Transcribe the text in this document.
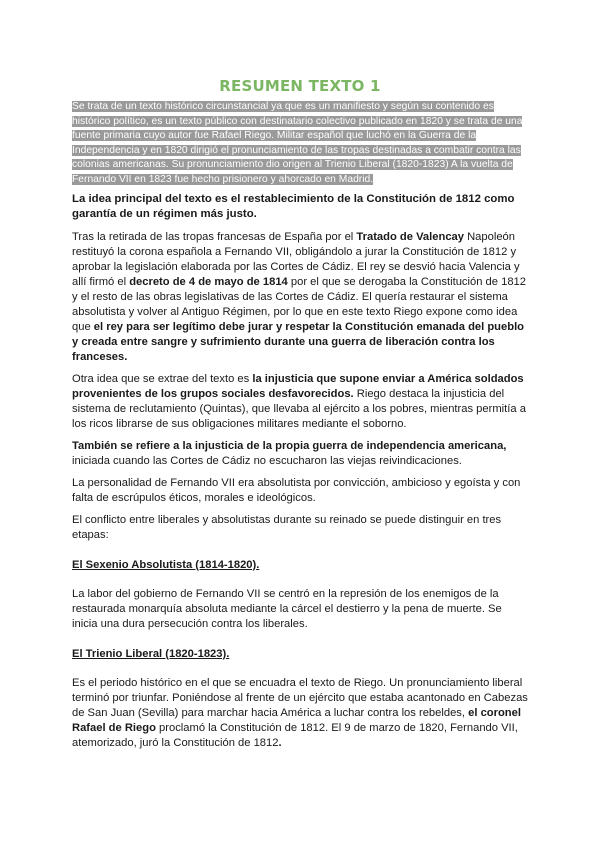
RESUMEN TEXTO 1

Se trata de un texto histórico circunstancial ya que es un manifiesto y según su contenido es histórico político, es un texto público con destinatario colectivo publicado en 1820 y se trata de una fuente primaria cuyo autor fue Rafael Riego. Militar español que luchó en la Guerra de la Independencia y en 1820 dirigió el pronunciamiento de las tropas destinadas a combatir contra las colonias americanas. Su pronunciamiento dio origen al Trienio Liberal (1820-1823) A la vuelta de Fernando VII en 1823 fue hecho prisionero y ahorcado en Madrid.

La idea principal del texto es el restablecimiento de la Constitución de 1812 como garantía de un régimen más justo.

Tras la retirada de las tropas francesas de España por el Tratado de Valencay Napoleón restituyó la corona española a Fernando VII, obligándolo a jurar la Constitución de 1812 y aprobar la legislación elaborada por las Cortes de Cádiz. El rey se desvió hacia Valencia y allí firmó el decreto de 4 de mayo de 1814 por el que se derogaba la Constitución de 1812 y el resto de las obras legislativas de las Cortes de Cádiz. El quería restaurar el sistema absolutista y volver al Antiguo Régimen, por lo que en este texto Riego expone como idea que el rey para ser legítimo debe jurar y respetar la Constitución emanada del pueblo y creada entre sangre y sufrimiento durante una guerra de liberación contra los franceses.

Otra idea que se extrae del texto es la injusticia que supone enviar a América soldados provenientes de los grupos sociales desfavorecidos. Riego destaca la injusticia del sistema de reclutamiento (Quintas), que llevaba al ejército a los pobres, mientras permitía a los ricos librarse de sus obligaciones militares mediante el soborno.

También se refiere a la injusticia de la propia guerra de independencia americana, iniciada cuando las Cortes de Cádiz no escucharon las viejas reivindicaciones.

La personalidad de Fernando VII era absolutista por convicción, ambicioso y egoísta y con falta de escrúpulos éticos, morales e ideológicos.

El conflicto entre liberales y absolutistas durante su reinado se puede distinguir en tres etapas:

El Sexenio Absolutista (1814-1820).

La labor del gobierno de Fernando VII se centró en la represión de los enemigos de la restaurada monarquía absoluta mediante la cárcel el destierro y la pena de muerte. Se inicia una dura persecución contra los liberales.

El Trienio Liberal (1820-1823).

Es el periodo histórico en el que se encuadra el texto de Riego. Un pronunciamiento liberal terminó por triunfar. Poniéndose al frente de un ejército que estaba acantonado en Cabezas de San Juan (Sevilla) para marchar hacia América a luchar contra los rebeldes, el coronel Rafael de Riego proclamó la Constitución de 1812. El 9 de marzo de 1820, Fernando VII, atemorizado, juró la Constitución de 1812.
